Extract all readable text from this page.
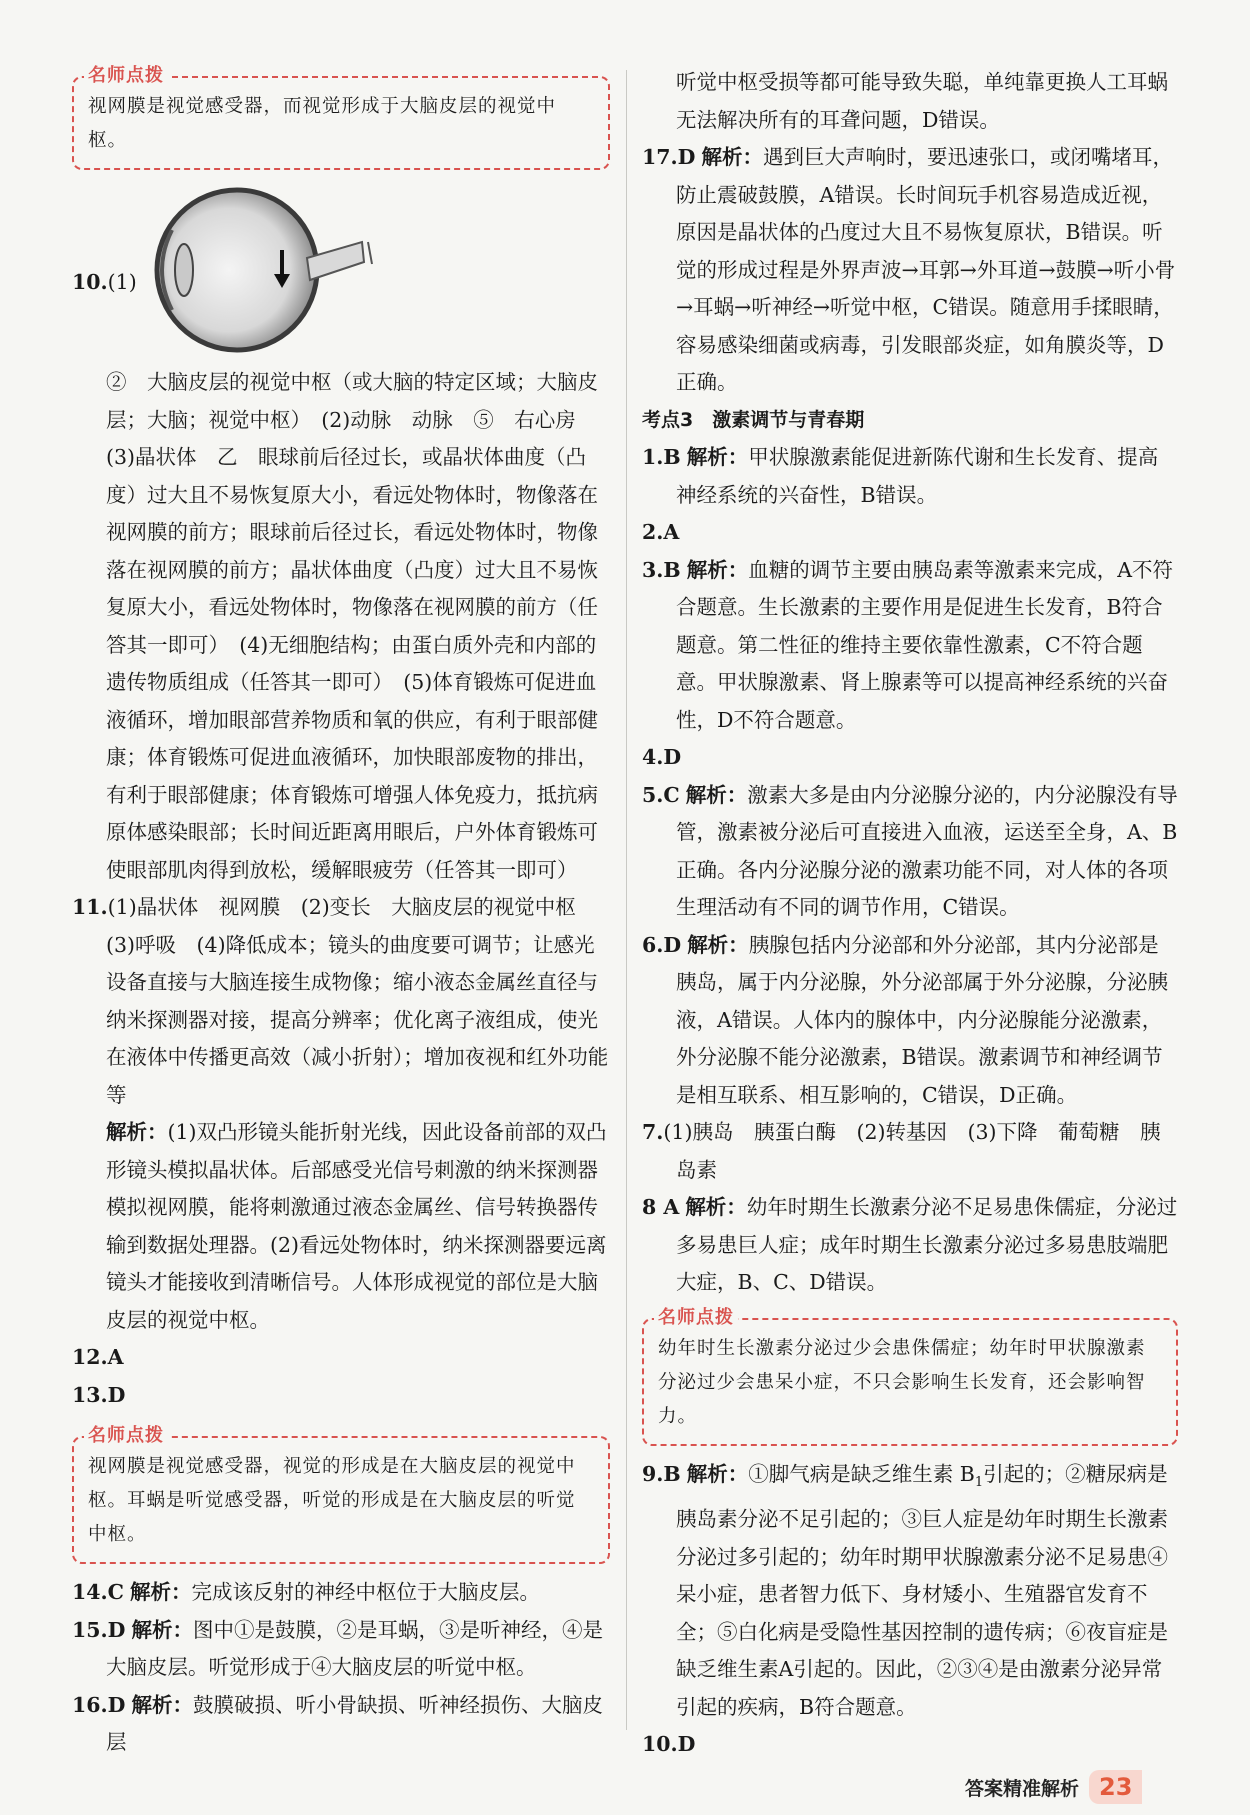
名师点拨

视网膜是视觉感受器，而视觉形成于大脑皮层的视觉中枢。

10.(1)

②　大脑皮层的视觉中枢（或大脑的特定区域；大脑皮层；大脑；视觉中枢）　(2)动脉　动脉　⑤　右心房　(3)晶状体　乙　眼球前后径过长，或晶状体曲度（凸度）过大且不易恢复原大小，看远处物体时，物像落在视网膜的前方；眼球前后径过长，看远处物体时，物像落在视网膜的前方；晶状体曲度（凸度）过大且不易恢复原大小，看远处物体时，物像落在视网膜的前方（任答其一即可）　(4)无细胞结构；由蛋白质外壳和内部的遗传物质组成（任答其一即可）　(5)体育锻炼可促进血液循环，增加眼部营养物质和氧的供应，有利于眼部健康；体育锻炼可促进血液循环，加快眼部废物的排出，有利于眼部健康；体育锻炼可增强人体免疫力，抵抗病原体感染眼部；长时间近距离用眼后，户外体育锻炼可使眼部肌肉得到放松，缓解眼疲劳（任答其一即可）

11.(1)晶状体　视网膜　(2)变长　大脑皮层的视觉中枢　(3)呼吸　(4)降低成本；镜头的曲度要可调节；让感光设备直接与大脑连接生成物像；缩小液态金属丝直径与纳米探测器对接，提高分辨率；优化离子液组成，使光在液体中传播更高效（减小折射）；增加夜视和红外功能等

解析：(1)双凸形镜头能折射光线，因此设备前部的双凸形镜头模拟晶状体。后部感受光信号刺激的纳米探测器模拟视网膜，能将刺激通过液态金属丝、信号转换器传输到数据处理器。(2)看远处物体时，纳米探测器要远离镜头才能接收到清晰信号。人体形成视觉的部位是大脑皮层的视觉中枢。

12.A

13.D

名师点拨

视网膜是视觉感受器，视觉的形成是在大脑皮层的视觉中枢。耳蜗是听觉感受器，听觉的形成是在大脑皮层的听觉中枢。

14.C 解析：完成该反射的神经中枢位于大脑皮层。

15.D 解析：图中①是鼓膜，②是耳蜗，③是听神经，④是大脑皮层。听觉形成于④大脑皮层的听觉中枢。

16.D 解析：鼓膜破损、听小骨缺损、听神经损伤、大脑皮层

听觉中枢受损等都可能导致失聪，单纯靠更换人工耳蜗无法解决所有的耳聋问题，D错误。

17.D 解析：遇到巨大声响时，要迅速张口，或闭嘴堵耳，防止震破鼓膜，A错误。长时间玩手机容易造成近视，原因是晶状体的凸度过大且不易恢复原状，B错误。听觉的形成过程是外界声波→耳郭→外耳道→鼓膜→听小骨→耳蜗→听神经→听觉中枢，C错误。随意用手揉眼睛，容易感染细菌或病毒，引发眼部炎症，如角膜炎等，D正确。

考点3　激素调节与青春期

1.B 解析：甲状腺激素能促进新陈代谢和生长发育、提高神经系统的兴奋性，B错误。

2.A

3.B 解析：血糖的调节主要由胰岛素等激素来完成，A不符合题意。生长激素的主要作用是促进生长发育，B符合题意。第二性征的维持主要依靠性激素，C不符合题意。甲状腺激素、肾上腺素等可以提高神经系统的兴奋性，D不符合题意。

4.D

5.C 解析：激素大多是由内分泌腺分泌的，内分泌腺没有导管，激素被分泌后可直接进入血液，运送至全身，A、B正确。各内分泌腺分泌的激素功能不同，对人体的各项生理活动有不同的调节作用，C错误。

6.D 解析：胰腺包括内分泌部和外分泌部，其内分泌部是胰岛，属于内分泌腺，外分泌部属于外分泌腺，分泌胰液，A错误。人体内的腺体中，内分泌腺能分泌激素，外分泌腺不能分泌激素，B错误。激素调节和神经调节是相互联系、相互影响的，C错误，D正确。

7.(1)胰岛　胰蛋白酶　(2)转基因　(3)下降　葡萄糖　胰岛素

8 A 解析：幼年时期生长激素分泌不足易患侏儒症，分泌过多易患巨人症；成年时期生长激素分泌过多易患肢端肥大症，B、C、D错误。

名师点拨

幼年时生长激素分泌过少会患侏儒症；幼年时甲状腺激素分泌过少会患呆小症，不只会影响生长发育，还会影响智力。

9.B 解析：①脚气病是缺乏维生素 $B_1$引起的；②糖尿病是胰岛素分泌不足引起的；③巨人症是幼年时期生长激素分泌过多引起的；幼年时期甲状腺激素分泌不足易患④呆小症，患者智力低下、身材矮小、生殖器官发育不全；⑤白化病是受隐性基因控制的遗传病；⑥夜盲症是缺乏维生素A引起的。因此，②③④是由激素分泌异常引起的疾病，B符合题意。

10.D

答案精准解析 23
